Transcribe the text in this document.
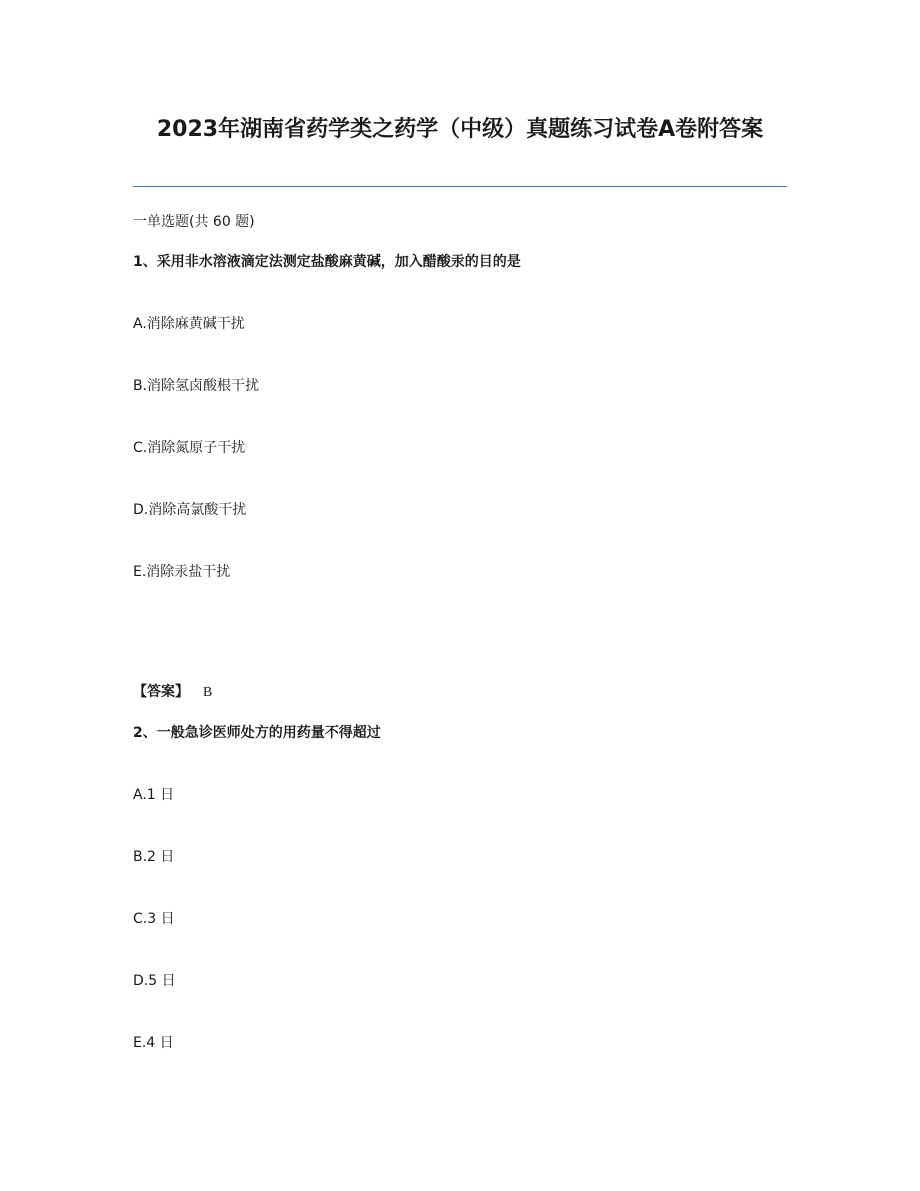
2023年湖南省药学类之药学（中级）真题练习试卷A卷附答案
一单选题(共 60 题)
1、采用非水溶液滴定法测定盐酸麻黄碱，加入醋酸汞的目的是
A.消除麻黄碱干扰
B.消除氢卤酸根干扰
C.消除氮原子干扰
D.消除高氯酸干扰
E.消除汞盐干扰
【答案】 B
2、一般急诊医师处方的用药量不得超过
A.1 日
B.2 日
C.3 日
D.5 日
E.4 日
